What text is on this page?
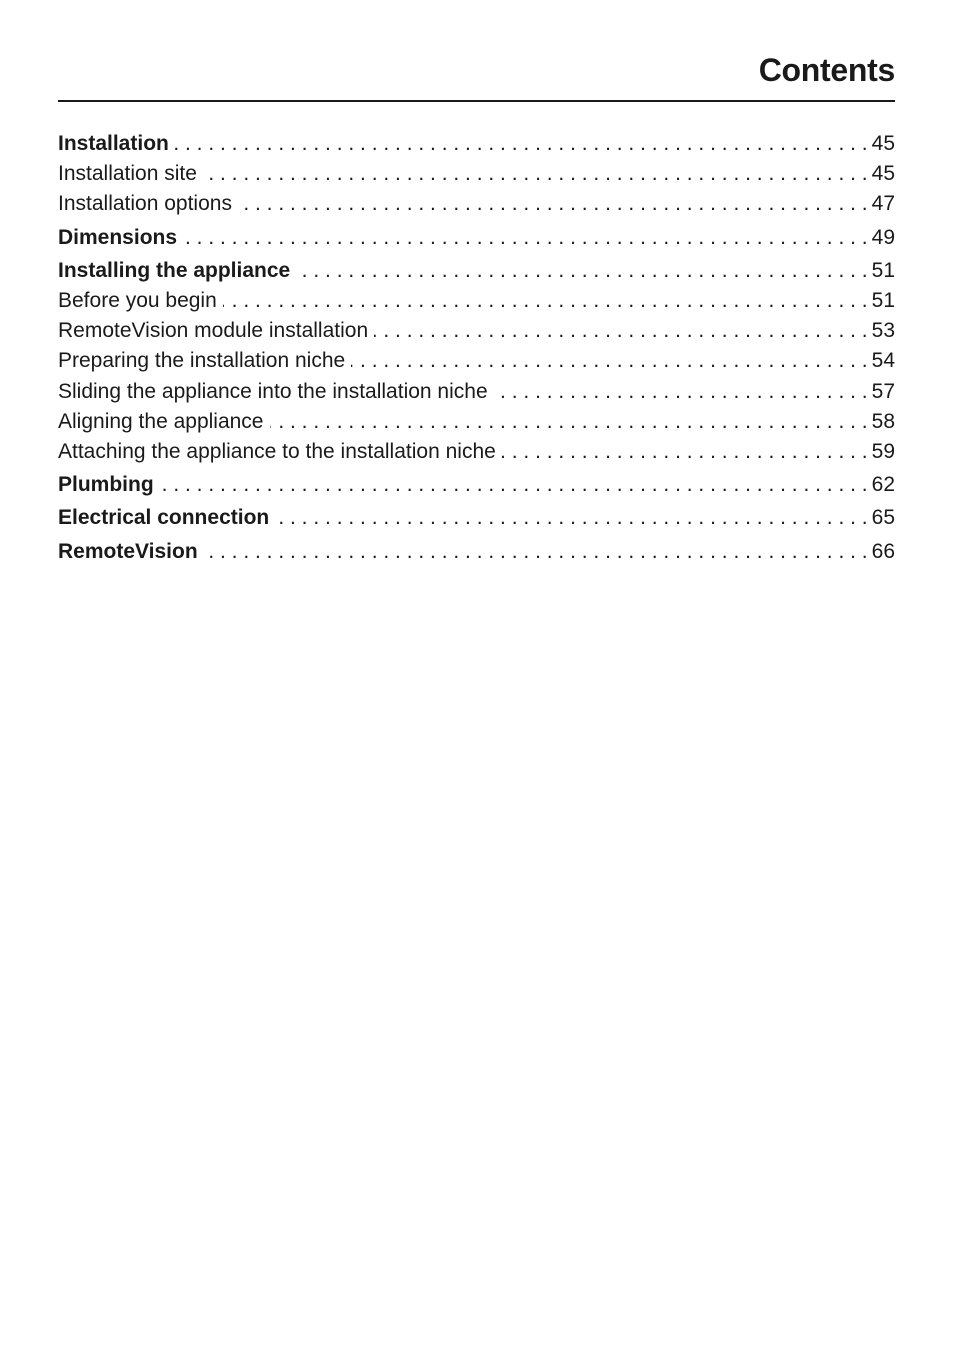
Contents
Installation . . .	45
Installation site . . .	45
Installation options . . .	47
Dimensions . . .	49
Installing the appliance . . .	51
Before you begin . . .	51
RemoteVision module installation . . .	53
Preparing the installation niche . . .	54
Sliding the appliance into the installation niche . . .	57
Aligning the appliance . . .	58
Attaching the appliance to the installation niche . . .	59
Plumbing . . .	62
Electrical connection . . .	65
RemoteVision . . .	66
